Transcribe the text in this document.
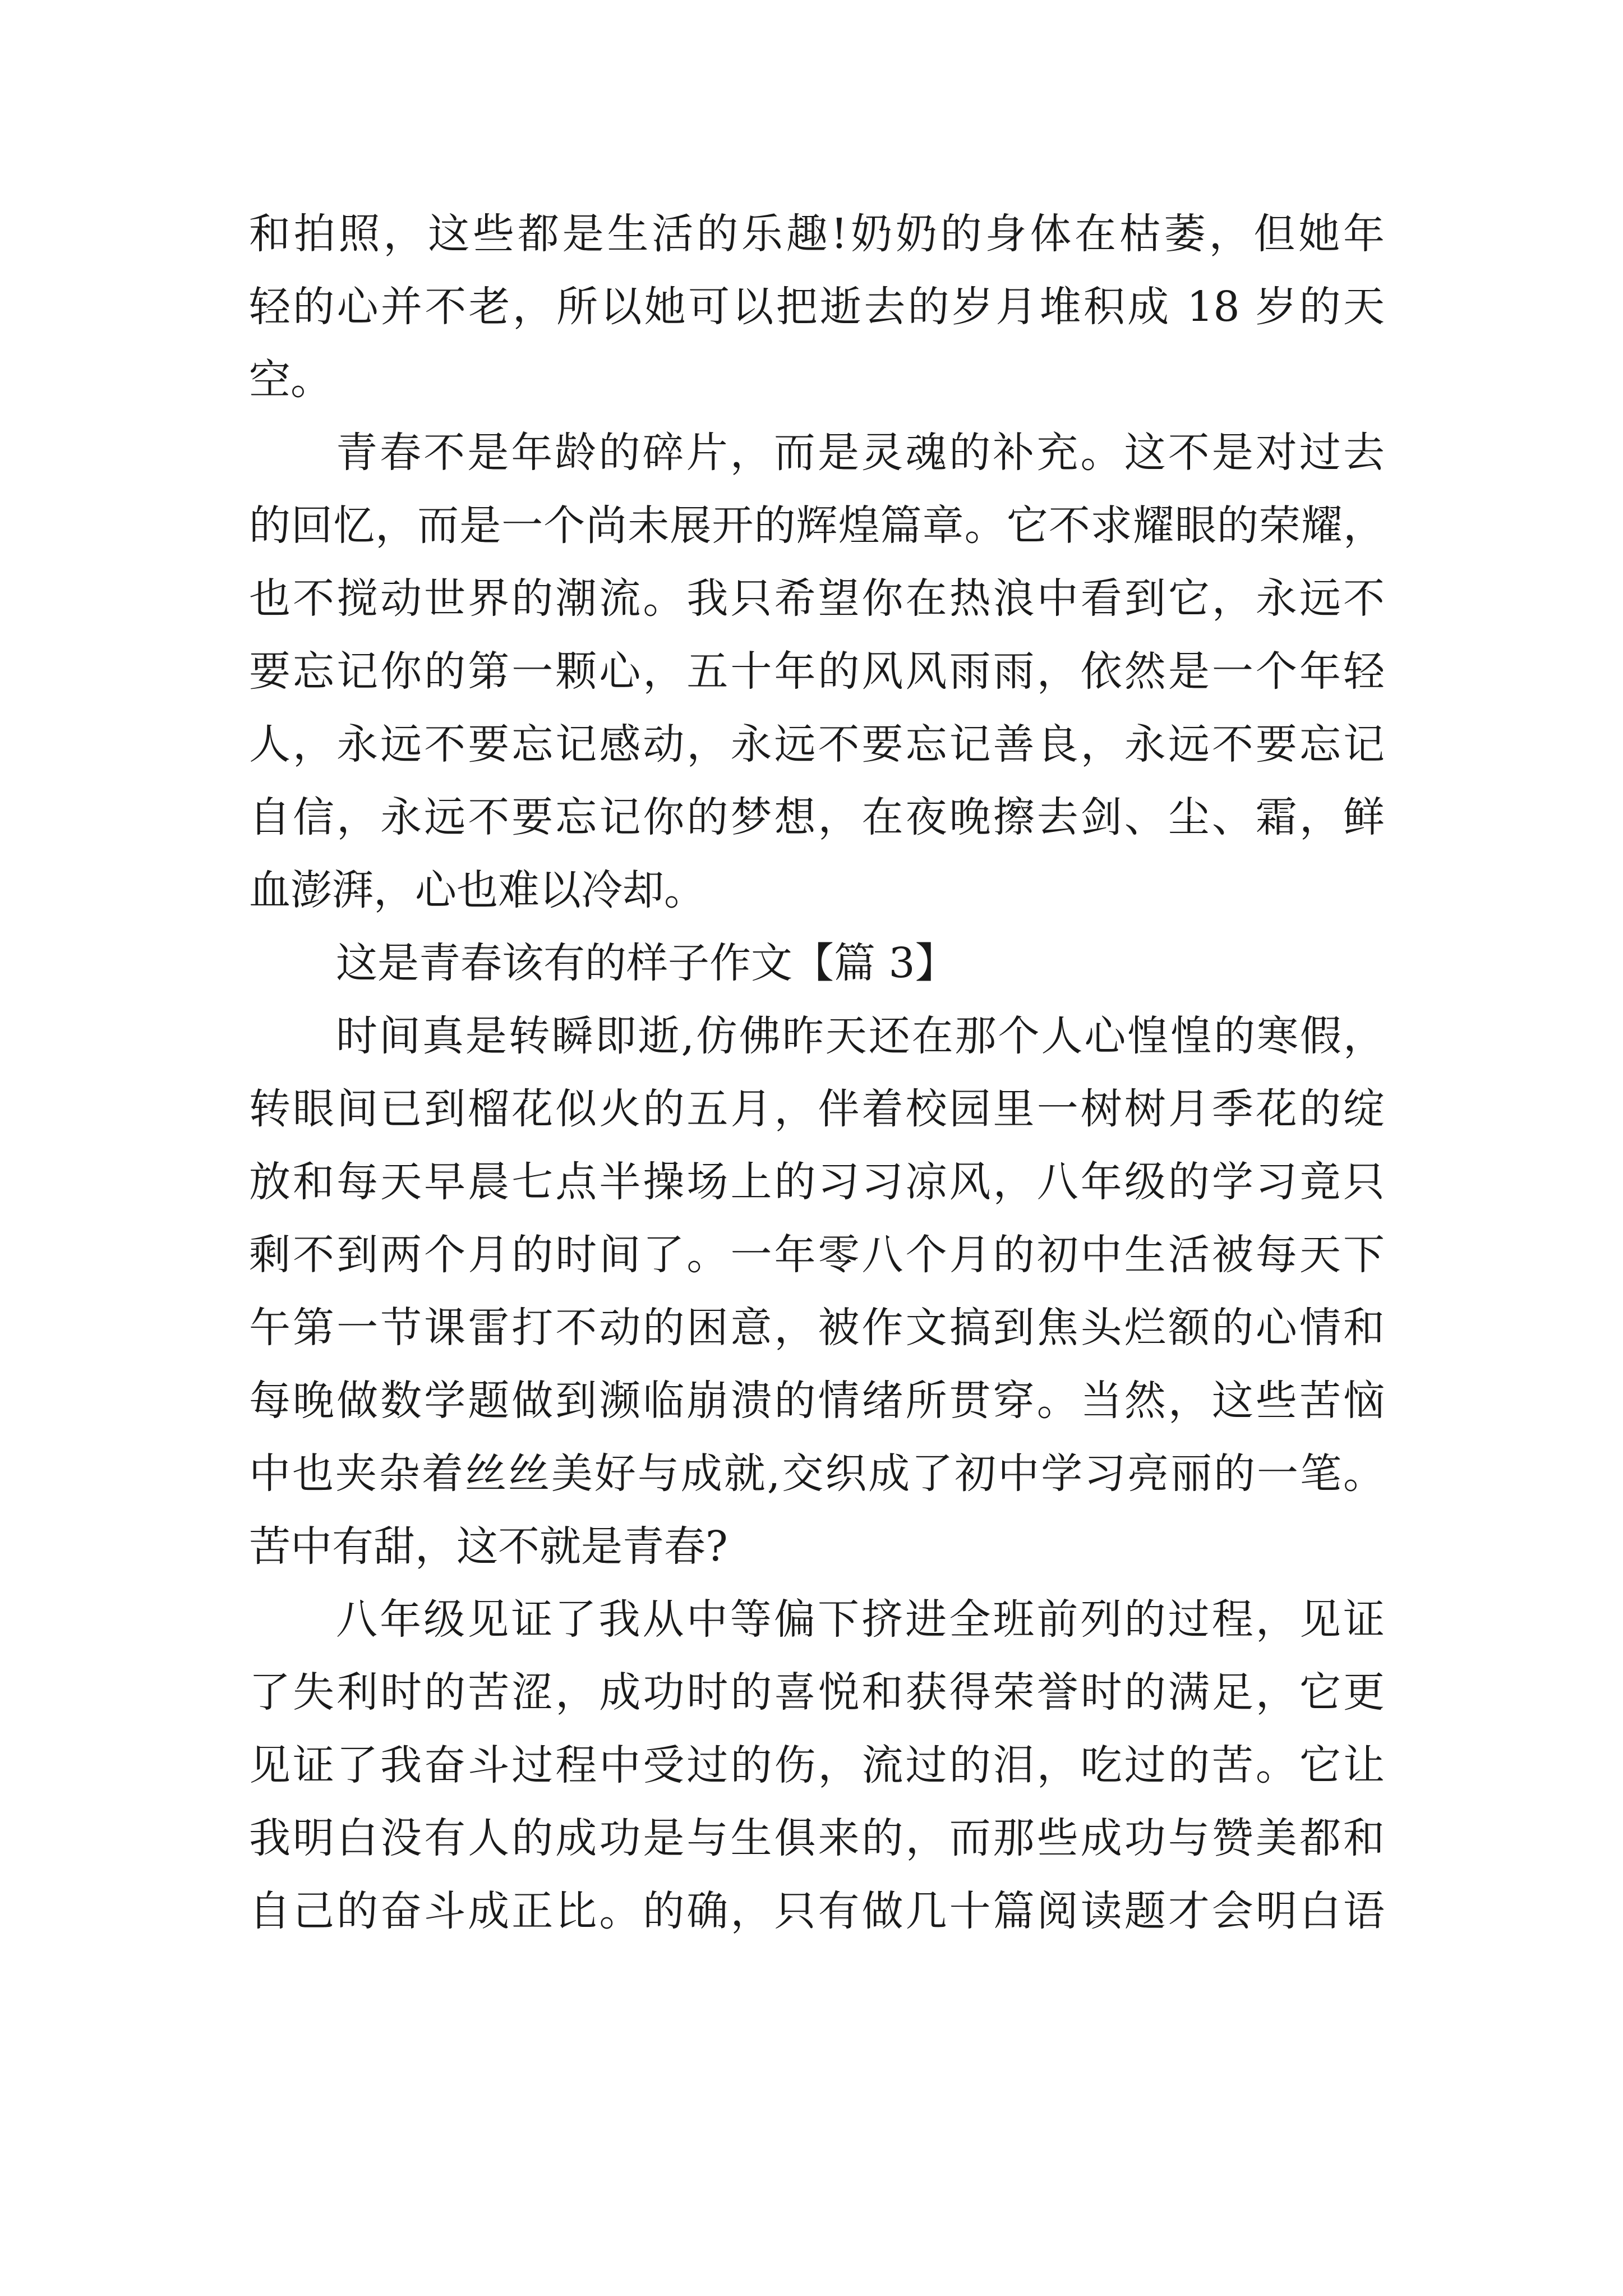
和拍照，这些都是生活的乐趣!奶奶的身体在枯萎，但她年
轻的心并不老，所以她可以把逝去的岁月堆积成 18 岁的天
空。
青春不是年龄的碎片，而是灵魂的补充。这不是对过去
的回忆，而是一个尚未展开的辉煌篇章。它不求耀眼的荣耀，
也不搅动世界的潮流。我只希望你在热浪中看到它，永远不
要忘记你的第一颗心，五十年的风风雨雨，依然是一个年轻
人，永远不要忘记感动，永远不要忘记善良，永远不要忘记
自信，永远不要忘记你的梦想，在夜晚擦去剑、尘、霜，鲜
血澎湃，心也难以冷却。
这是青春该有的样子作文【篇 3】
时间真是转瞬即逝,仿佛昨天还在那个人心惶惶的寒假，
转眼间已到榴花似火的五月，伴着校园里一树树月季花的绽
放和每天早晨七点半操场上的习习凉风，八年级的学习竟只
剩不到两个月的时间了。一年零八个月的初中生活被每天下
午第一节课雷打不动的困意，被作文搞到焦头烂额的心情和
每晚做数学题做到濒临崩溃的情绪所贯穿。当然，这些苦恼
中也夹杂着丝丝美好与成就,交织成了初中学习亮丽的一笔。
苦中有甜，这不就是青春?
八年级见证了我从中等偏下挤进全班前列的过程，见证
了失利时的苦涩，成功时的喜悦和获得荣誉时的满足，它更
见证了我奋斗过程中受过的伤，流过的泪，吃过的苦。它让
我明白没有人的成功是与生俱来的，而那些成功与赞美都和
自己的奋斗成正比。的确，只有做几十篇阅读题才会明白语
